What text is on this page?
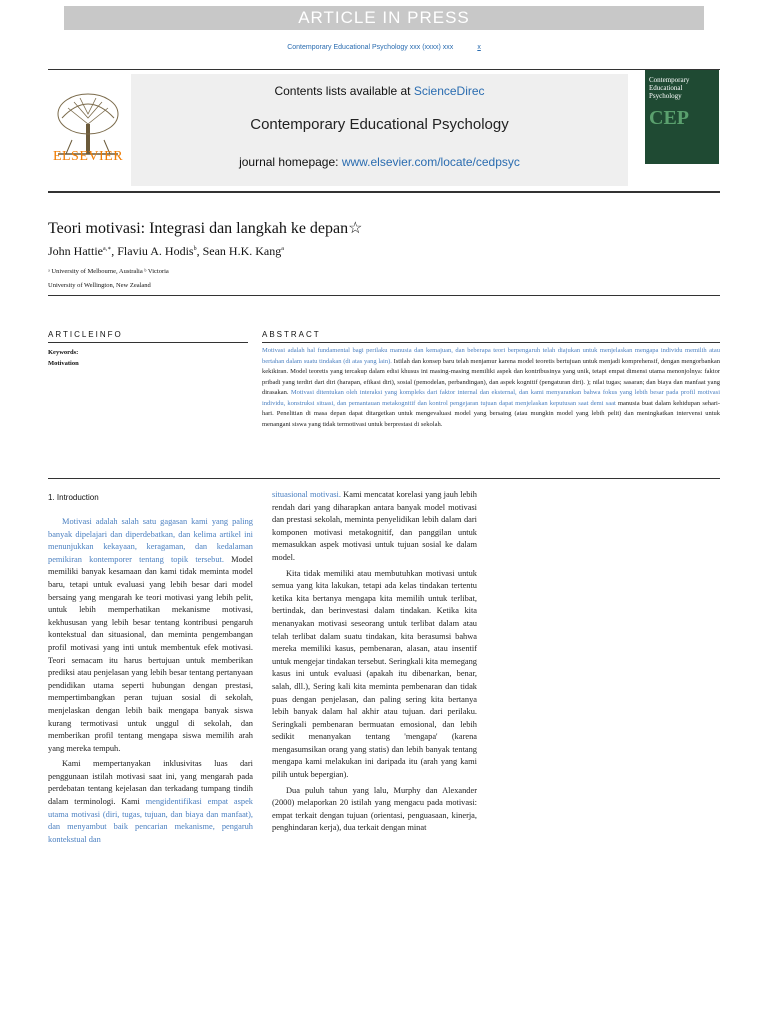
ARTICLE IN PRESS
Contemporary Educational Psychology xxx (xxxx) xxx	x
ELSEVIER
Contents lists available at ScienceDirec
Contemporary Educational Psychology
journal homepage: www.elsevier.com/locate/cedpsyc
Contemporary
Educational
Psychology
CEP
Teori motivasi: Integrasi dan langkah ke depan☆
John Hattie$^{a,∗}$, Flaviu A. Hodis$^b$, Sean H.K. Kang$^a$
ᵃ University of Melbourne, Australia ᵇ Victoria
University of Wellington, New Zealand
ARTICLEINFO	ABSTRACT
Keywords:
Motivation
Motivasi adalah hal fundamental bagi perilaku manusia dan kemajuan, dan beberapa teori berpengaruh telah diajukan untuk menjelaskan mengapa individu memilih atau bertahan dalam suatu tindakan (di atas yang lain). Istilah dan konsep baru telah menjamur karena model teoretis bertujuan untuk menjadi komprehensif, dengan mengorbankan kekikiran. Model teoretis yang tercakup dalam edisi khusus ini masing-masing memiliki aspek dan kontribusinya yang unik, tetapi empat dimensi utama menonjolnya: faktor pribadi yang terdiri dari diri (harapan, efikasi diri), sosial (pemodelan, perbandingan), dan aspek kognitif (pengaturan diri). ); nilai tugas; sasaran; dan biaya dan manfaat yang dirasakan. Motivasi ditentukan oleh interaksi yang kompleks dari faktor internal dan eksternal, dan kami menyarankan bahwa fokus yang lebih besar pada profil motivasi individu, konstruksi situasi, dan pemantauan metakognitif dan kontrol pengejaran tujuan dapat menjelaskan keputusan saat demi saat manusia buat dalam kehidupan sehari-hari. Penelitian di masa depan dapat ditargetkan untuk mengevaluasi model yang bersaing (atau mungkin model yang lebih pelit) dan meningkatkan intervensi untuk menangani siswa yang tidak termotivasi untuk berprestasi di sekolah.
1. Introduction

Motivasi adalah salah satu gagasan kami yang paling banyak dipelajari dan diperdebatkan, dan kelima artikel ini menunjukkan kekayaan, keragaman, dan kedalaman pemikiran kontemporer tentang topik tersebut. Model memiliki banyak kesamaan dan kami tidak meminta model baru, tetapi untuk evaluasi yang lebih besar dari model bersaing yang mengarah ke teori motivasi yang lebih pelit, untuk lebih memperhatikan mekanisme motivasi, kekhususan yang lebih besar tentang kontribusi pengaruh kontekstual dan situasional, dan meminta pengembangan profil motivasi yang inti untuk membentuk efek motivasi. Teori semacam itu harus bertujuan untuk memberikan prediksi atau penjelasan yang lebih besar tentang pertanyaan pendidikan utama seperti hubungan dengan prestasi, mempertimbangkan peran tujuan sosial di sekolah, menjelaskan dengan lebih baik mengapa banyak siswa kurang termotivasi untuk unggul di sekolah, dan memberikan profil tentang mengapa siswa memilih arah yang mereka tempuh.

Kami mempertanyakan inklusivitas luas dari penggunaan istilah motivasi saat ini, yang mengarah pada perdebatan tentang kejelasan dan terkadang tumpang tindih dalam terminologi. Kami mengidentifikasi empat aspek utama motivasi (diri, tugas, tujuan, dan biaya dan manfaat), dan menyambut baik pencarian mekanisme, pengaruh kontekstual dan

situasional motivasi. Kami mencatat korelasi yang jauh lebih rendah dari yang diharapkan antara banyak model motivasi dan prestasi sekolah, meminta penyelidikan lebih dalam dari komponen motivasi metakognitif, dan panggilan untuk memasukkan aspek motivasi untuk tujuan sosial ke dalam model.

Kita tidak memiliki atau membutuhkan motivasi untuk semua yang kita lakukan, tetapi ada kelas tindakan tertentu ketika kita bertanya mengapa kita memilih untuk terlibat, bertindak, dan berinvestasi dalam tindakan. Ketika kita menanyakan motivasi seseorang untuk terlibat dalam atau telah terlibat dalam suatu tindakan, kita berasumsi bahwa mereka memiliki kasus, pembenaran, alasan, atau insentif untuk mengejar tindakan tersebut. Seringkali kita memegang kasus ini untuk evaluasi (apakah itu dibenarkan, benar, salah, dll.), Sering kali kita meminta pembenaran dan tidak puas dengan penjelasan, dan paling sering kita bertanya lebih banyak dalam hal akhir atau tujuan. dari perilaku. Seringkali pembenaran bermuatan emosional, dan lebih sedikit menanyakan tentang 'mengapa' (karena mengasumsikan orang yang statis) dan lebih banyak tentang mengapa kami melakukan ini daripada itu (arah yang kami pilih untuk bepergian).

Dua puluh tahun yang lalu, Murphy dan Alexander (2000) melaporkan 20 istilah yang mengacu pada motivasi: empat terkait dengan tujuan (orientasi, penguasaan, kinerja, penghindaran kerja), dua terkait dengan minat
